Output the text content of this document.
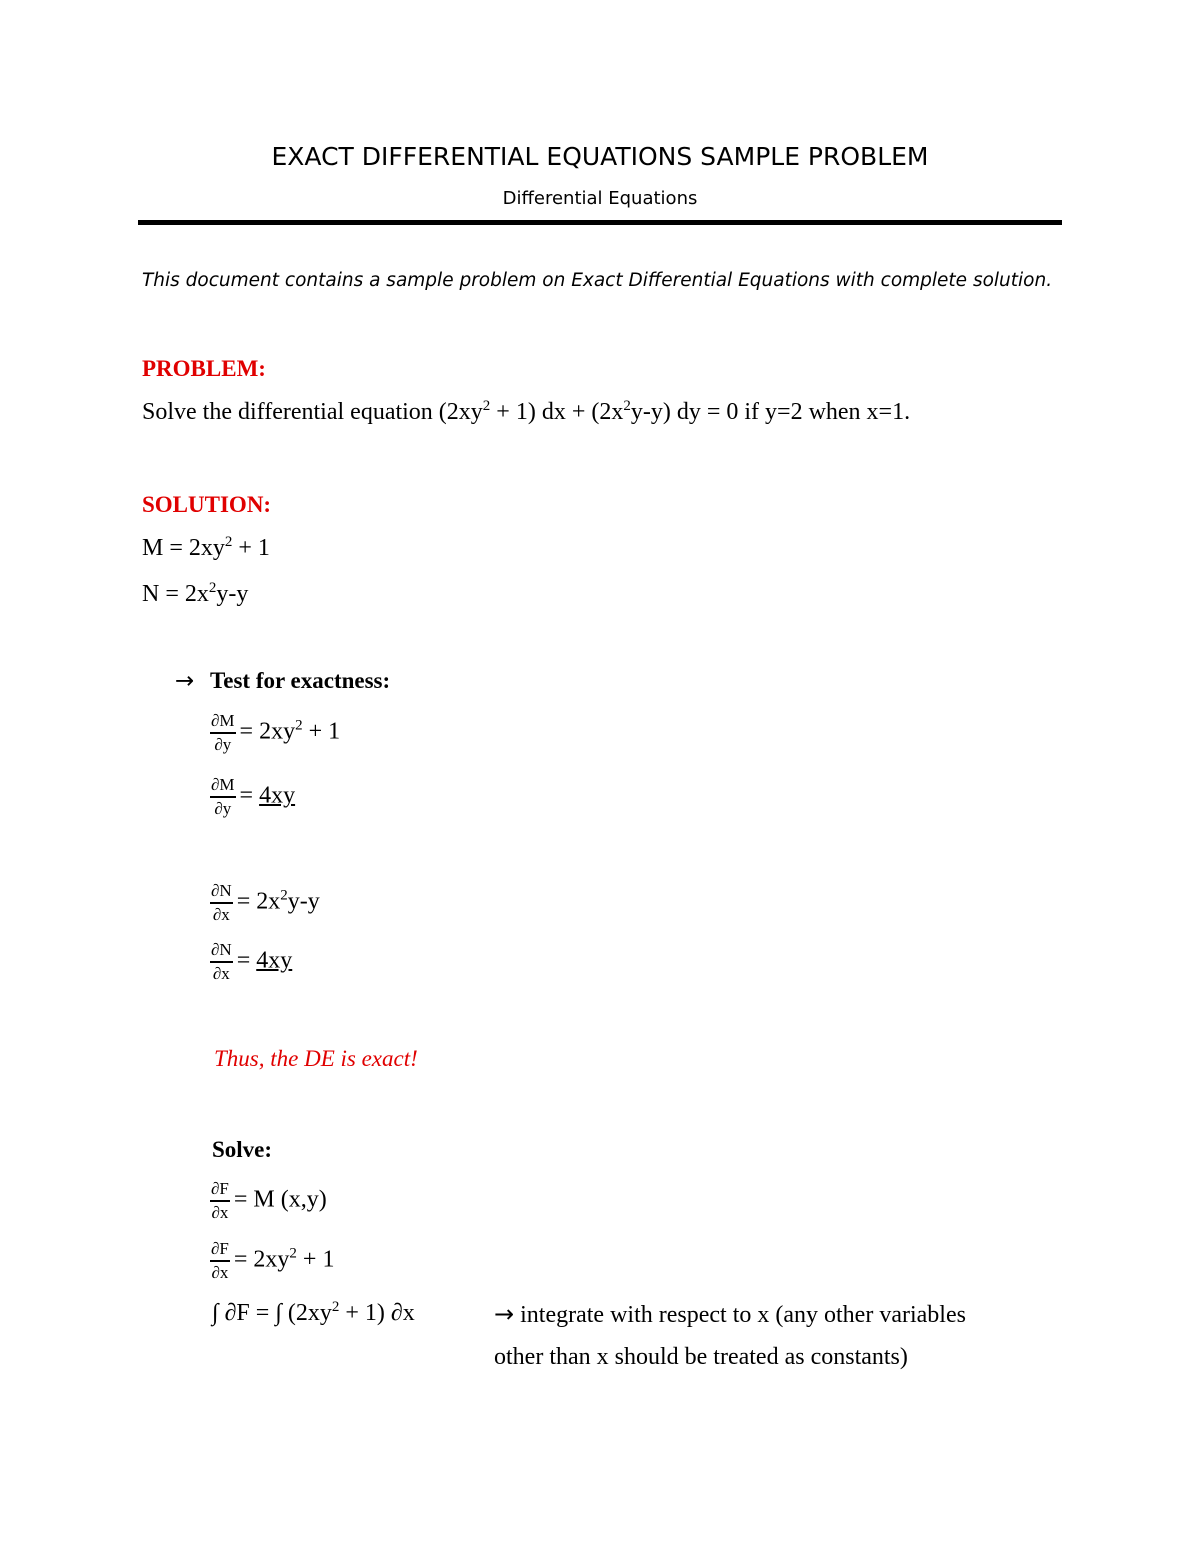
EXACT DIFFERENTIAL EQUATIONS SAMPLE PROBLEM
Differential Equations
This document contains a sample problem on Exact Differential Equations with complete solution.
PROBLEM:
Solve the differential equation $(2xy^2 + 1)$ dx + $(2x^2y-y)$ dy = 0 if y=2 when x=1.
SOLUTION:
$M = 2xy^2 + 1$
$N = 2x^2y-y$
→ Test for exactness:
$\frac{\partial M}{\partial y} = 2xy^2 + 1$
$\frac{\partial M}{\partial y} = 4xy$
$\frac{\partial N}{\partial x} = 2x^2y-y$
$\frac{\partial N}{\partial x} = 4xy$
Thus, the DE is exact!
Solve:
$\frac{\partial F}{\partial x} = M$ (x,y)
$\frac{\partial F}{\partial x} = 2xy^2 + 1$
∫ ∂F = ∫ $(2xy^2 + 1)$ ∂x	→ integrate with respect to x (any other variables
other than x should be treated as constants)
